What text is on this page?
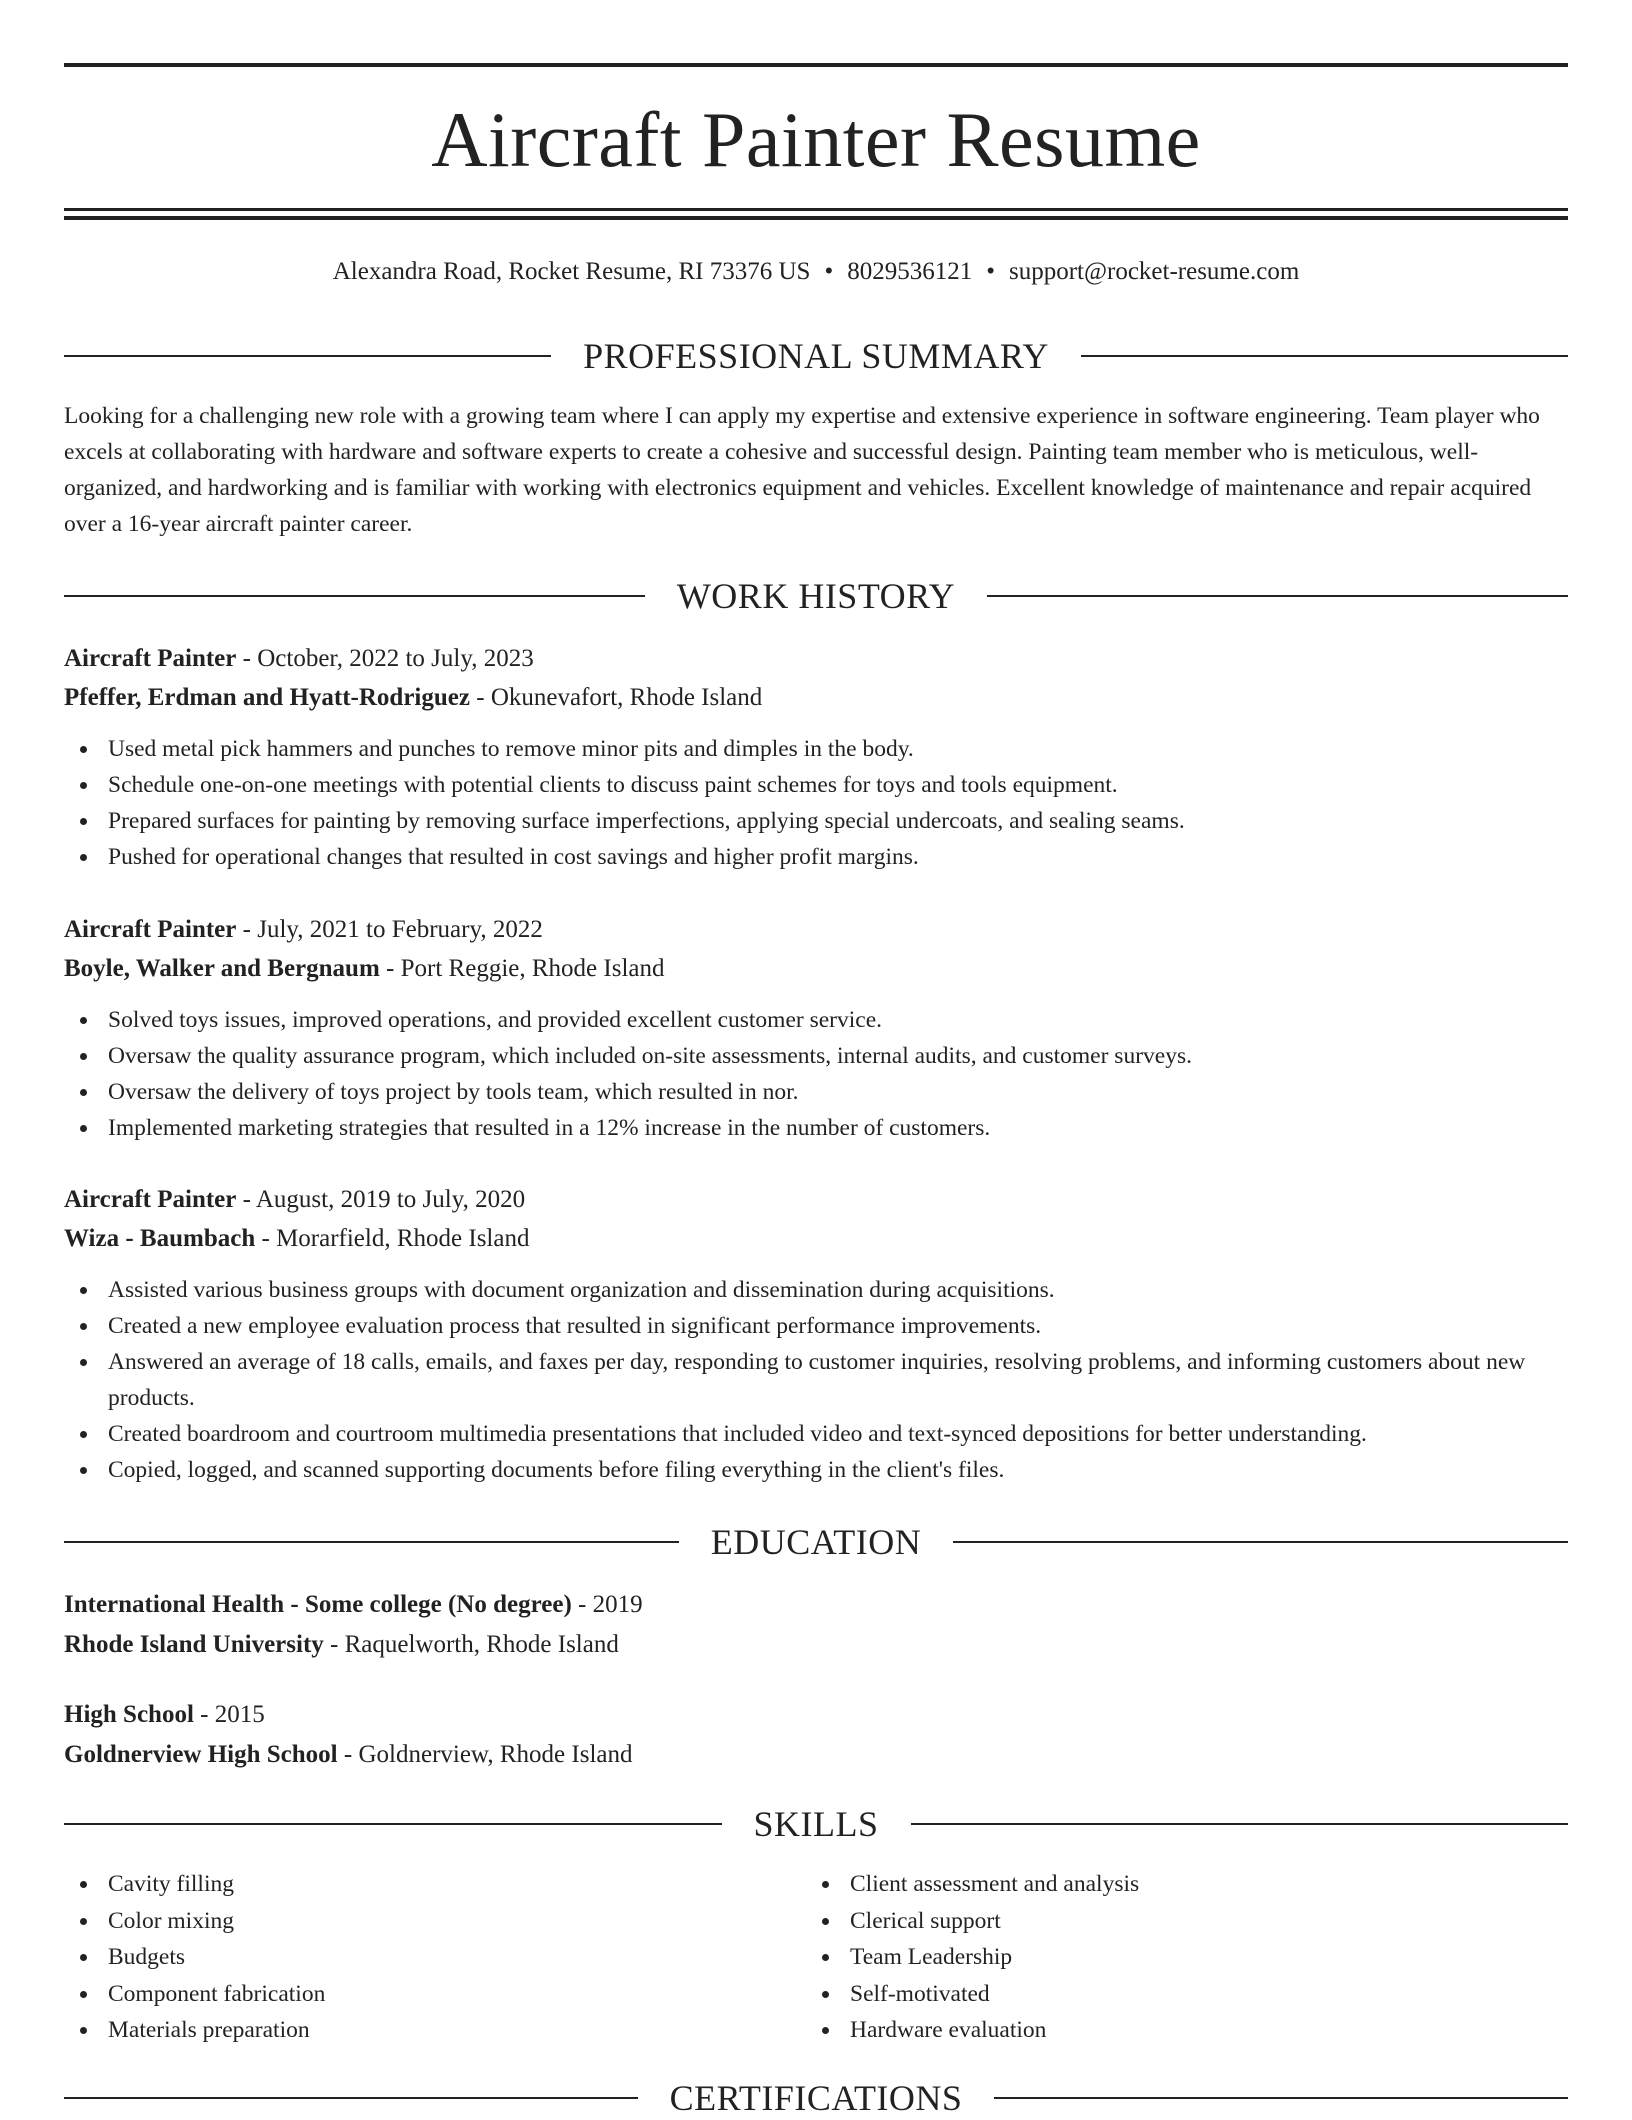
Aircraft Painter Resume
Alexandra Road, Rocket Resume, RI 73376 US • 8029536121 • support@rocket-resume.com
PROFESSIONAL SUMMARY

Looking for a challenging new role with a growing team where I can apply my expertise and extensive experience in software engineering. Team player who excels at collaborating with hardware and software experts to create a cohesive and successful design. Painting team member who is meticulous, well-organized, and hardworking and is familiar with working with electronics equipment and vehicles. Excellent knowledge of maintenance and repair acquired over a 16-year aircraft painter career.

WORK HISTORY
Aircraft Painter - October, 2022 to July, 2023
Pfeffer, Erdman and Hyatt-Rodriguez - Okunevafort, Rhode Island
Used metal pick hammers and punches to remove minor pits and dimples in the body.
Schedule one-on-one meetings with potential clients to discuss paint schemes for toys and tools equipment.
Prepared surfaces for painting by removing surface imperfections, applying special undercoats, and sealing seams.
Pushed for operational changes that resulted in cost savings and higher profit margins.
Aircraft Painter - July, 2021 to February, 2022
Boyle, Walker and Bergnaum - Port Reggie, Rhode Island
Solved toys issues, improved operations, and provided excellent customer service.
Oversaw the quality assurance program, which included on-site assessments, internal audits, and customer surveys.
Oversaw the delivery of toys project by tools team, which resulted in nor.
Implemented marketing strategies that resulted in a 12% increase in the number of customers.
Aircraft Painter - August, 2019 to July, 2020
Wiza - Baumbach - Morarfield, Rhode Island
Assisted various business groups with document organization and dissemination during acquisitions.
Created a new employee evaluation process that resulted in significant performance improvements.
Answered an average of 18 calls, emails, and faxes per day, responding to customer inquiries, resolving problems, and informing customers about new products.
Created boardroom and courtroom multimedia presentations that included video and text-synced depositions for better understanding.
Copied, logged, and scanned supporting documents before filing everything in the client's files.
EDUCATION
International Health - Some college (No degree) - 2019
Rhode Island University - Raquelworth, Rhode Island
High School - 2015
Goldnerview High School - Goldnerview, Rhode Island
SKILLS
Cavity filling
Color mixing
Budgets
Component fabrication
Materials preparation
Client assessment and analysis
Clerical support
Team Leadership
Self-motivated
Hardware evaluation
CERTIFICATIONS
